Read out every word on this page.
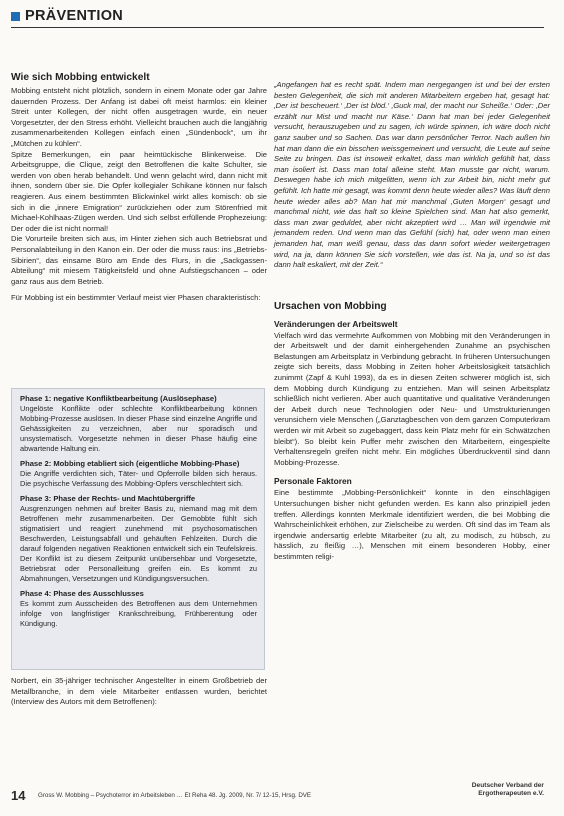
PRÄVENTION
Wie sich Mobbing entwickelt

Mobbing entsteht nicht plötzlich, sondern in einem Monate oder gar Jahre dauernden Prozess. Der Anfang ist dabei oft meist harmlos: ein kleiner Streit unter Kollegen, der nicht offen ausgetragen wurde, ein neuer Vorgesetzter, der den Stress erhöht. Vielleicht brauchen auch die langjährig zusammenarbeitenden Kollegen einfach einen „Sündenbock“, um ihr „Mütchen zu kühlen“.

Spitze Bemerkungen, ein paar heimtückische Blinkerweise. Die Arbeitsgruppe, die Clique, zeigt den Betroffenen die kalte Schulter, sie werden von oben herab behandelt. Und wenn gelacht wird, dann nicht mit ihnen, sondern über sie. Die Opfer kollegialer Schikane können nur falsch reagieren. Aus einem bestimmten Blickwinkel wirkt alles komisch: ob sie sich in die „innere Emigration“ zurückziehen oder zum Störenfried mit Michael-Kohlhaas-Zügen werden. Und sich selbst erfüllende Prophezeiung: Der oder die ist nicht normal!

Die Vorurteile breiten sich aus, im Hinter ziehen sich auch Betriebsrat und Personalabteilung in den Kanon ein. Der oder die muss raus: ins „Betriebs-Sibirien“, das einsame Büro am Ende des Flurs, in die „Sackgassen-Abteilung“ mit miesem Tätigkeitsfeld und ohne Aufstiegschancen – oder ganz raus aus dem Betrieb.

Für Mobbing ist ein bestimmter Verlauf meist vier Phasen charakteristisch:

Phase 1: negative Konfliktbearbeitung (Auslösephase)

Ungelöste Konflikte oder schlechte Konfliktbearbeitung können Mobbing-Prozesse auslösen. In dieser Phase sind einzelne Angriffe und Gehässigkeiten zu verzeichnen, aber nur sporadisch und unsystematisch. Vorgesetzte nehmen in dieser Phase häufig eine abwartende Haltung ein.

Phase 2: Mobbing etabliert sich (eigentliche Mobbing-Phase)

Die Angriffe verdichten sich, Täter- und Opferrolle bilden sich heraus. Die psychische Verfassung des Mobbing-Opfers verschlechtert sich.

Phase 3: Phase der Rechts- und Machtübergriffe

Ausgrenzungen nehmen auf breiter Basis zu, niemand mag mit dem Betroffenen mehr zusammenarbeiten. Der Gemobbte fühlt sich stigmatisiert und reagiert zunehmend mit psychosomatischen Beschwerden, Leistungsabfall und gehäuften Fehlzeiten. Durch die darauf folgenden negativen Reaktionen entwickelt sich ein Teufelskreis. Der Konflikt ist zu diesem Zeitpunkt unübersehbar und Vorgesetzte, Betriebsrat oder Personalleitung greifen ein. Es kommt zu Abmahnungen, Versetzungen und Kündigungsversuchen.

Phase 4: Phase des Ausschlusses

Es kommt zum Ausscheiden des Betroffenen aus dem Unternehmen infolge von langfristiger Krankschreibung, Frühberentung oder Kündigung.

Norbert, ein 35-jähriger technischer Angestellter in einem Großbetrieb der Metallbranche, in dem viele Mitarbeiter entlassen wurden, berichtet (Interview des Autors mit dem Betroffenen):

„Angefangen hat es recht spät. Indem man nergegangen ist und bei der ersten besten Gelegenheit, die sich mit anderen Mitarbeitern ergeben hat, gesagt hat: ‚Der ist bescheuert.‘ ‚Der ist blöd.‘ ‚Guck mal, der macht nur Scheiße.‘ Oder: ‚Der erzählt nur Mist und macht nur Käse.‘ Dann hat man bei jeder Gelegenheit versucht, herauszugeben und zu sagen, ich würde spinnen, ich wäre doch nicht ganz sauber und so Sachen. Das war dann persönlicher Terror. Nach außen hin hat man dann die ein bisschen weissgemeinert und versucht, die Leute auf seine Seite zu bringen. Das ist insoweit erkaltet, dass man wirklich gefühlt hat, dass man isoliert ist. Dass man total alleine steht. Man musste gar nicht, warum. Deswegen habe ich mich mitgelitten, wenn ich zur Arbeit bin, nicht mehr gut gefühlt. Ich hatte mir gesagt, was kommt denn heute wieder alles? Was läuft denn heute wieder alles ab? Man hat mir manchmal ‚Guten Morgen‘ gesagt und manchmal nicht, wie das halt so kleine Spielchen sind. Man hat also gemerkt, dass man zwar geduldet, aber nicht akzeptiert wird … Man will irgendwie mit jemandem reden. Und wenn man das Gefühl (sich) hat, oder wenn man einen jemanden hat, man weiß genau, dass das dann sofort wieder weitergetragen wird, na ja, dann können Sie sich vorstellen, wie das ist. Na ja, und so ist das dann halt eskaliert, mit der Zeit.“

Ursachen von Mobbing
Veränderungen der Arbeitswelt

Vielfach wird das vermehrte Aufkommen von Mobbing mit den Veränderungen in der Arbeitswelt und der damit einhergehenden Zunahme an psychischen Belastungen am Arbeitsplatz in Verbindung gebracht. In früheren Untersuchungen zeigte sich bereits, dass Mobbing in Zeiten hoher Arbeitslosigkeit tatsächlich zunimmt (Zapf & Kuhl 1993), da es in diesen Zeiten schwerer möglich ist, sich dem Mobbing durch Kündigung zu entziehen. Man will seinen Arbeitsplatz schließlich nicht verlieren. Aber auch quantitative und qualitative Veränderungen der Arbeit durch neue Technologien oder Neu- und Umstrukturierungen verunsichern viele Menschen („Ganztagbeschen von dem ganzen Computerkram werden wir mit Arbeit so zugebaggert, dass kein Platz mehr für ein Schwätzchen bleibt“). So bleibt kein Puffer mehr zwischen den Mitarbeitern, eingespielte Verhaltensregeln greifen nicht mehr. Ein mögliches Überdruckventil sind dann Mobbing-Prozesse.

Personale Faktoren

Eine bestimmte „Mobbing-Persönlichkeit“ konnte in den einschlägigen Untersuchungen bisher nicht gefunden werden. Es kann also prinzipiell jeden treffen. Allerdings konnten Merkmale identifiziert werden, die bei Mobbing die Wahrscheinlichkeit erhöhen, zur Zielscheibe zu werden. Oft sind das im Team als irgendwie andersartig erlebte Mitarbeiter (zu alt, zu modisch, zu hübsch, zu hässlich, zu fleißig …), Menschen mit einem besonderen Hobby, einer bestimmten religi-

14 Gross W. Mobbing – Psychoterror im Arbeitsleben … Et Reha 48. Jg. 2009, Nr. 7/ 12-15, Hrsg. DVE
Deutscher Verband der
Ergotherapeuten e.V.
